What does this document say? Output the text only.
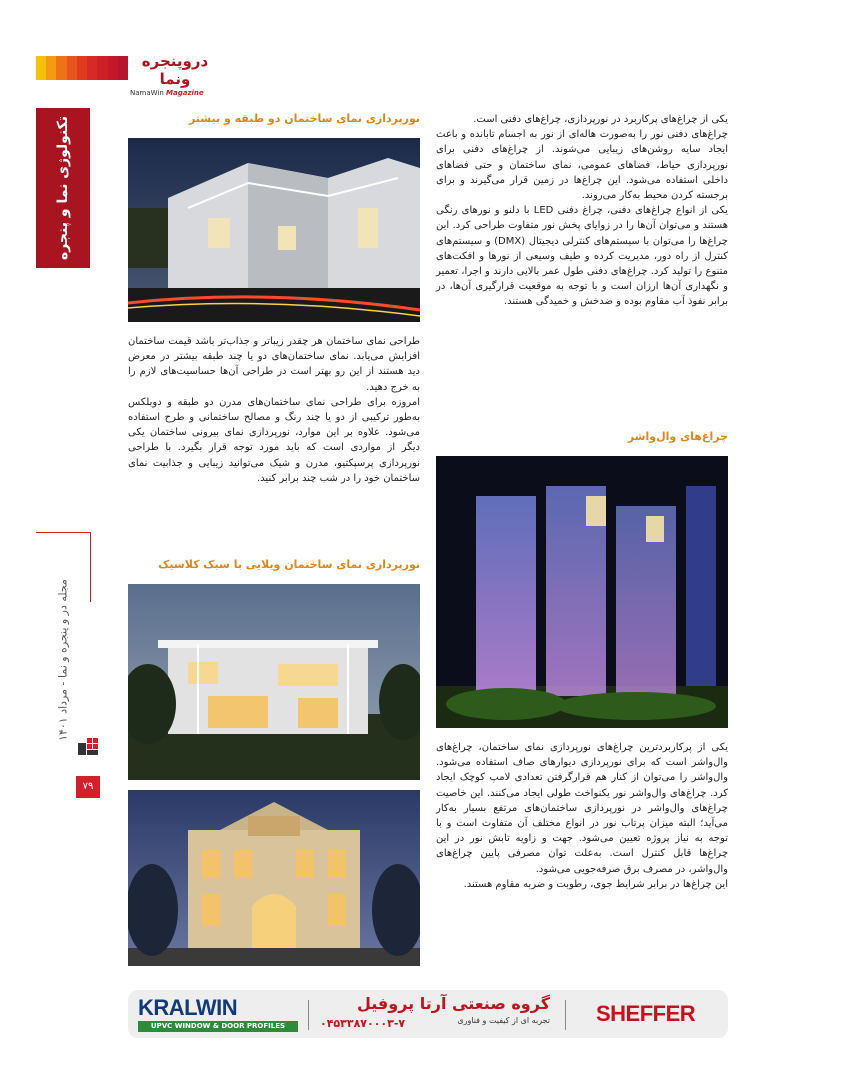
دروپنجره ونما
NamaWin Magazine
تکنولوژی نما و پنجره
مجله در و پنجره و نما - مرداد ۱۴۰۱
۷۹
نورپردازی نمای ساختمان دو طبقه و بیشتر

طراحی نمای ساختمان هر چقدر زیباتر و جذاب‌تر باشد قیمت ساختمان افزایش می‌یابد. نمای ساختمان‌های دو یا چند طبقه بیشتر در معرض دید هستند از این رو بهتر است در طراحی آن‌ها حساسیت‌های لازم را به خرج دهید.

امروزه برای طراحی نمای ساختمان‌های مدرن دو طبقه و دوبلکس به‌طور ترکیبی از دو یا چند رنگ و مصالح ساختمانی و طرح استفاده می‌شود. علاوه بر این موارد، نورپردازی نمای بیرونی ساختمان یکی دیگر از مواردی است که باید مورد توجه قرار بگیرد. با طراحی نورپردازی پرسپکتیو، مدرن و شیک می‌توانید زیبایی و جذابیت نمای ساختمان خود را در شب چند برابر کنید.

نورپردازی نمای ساختمان ویلایی با سبک کلاسیک

یکی از چراغ‌های پرکاربرد در نورپردازی، چراغ‌های دفنی است.

چراغ‌های دفنی نور را به‌صورت هاله‌ای از نور به اجسام تابانده و باعث ایجاد سایه روشن‌های زیبایی می‌شوند. از چراغ‌های دفنی برای نورپردازی حیاط، فضاهای عمومی، نمای ساختمان و حتی فضاهای داخلی استفاده می‌شود. این چراغ‌ها در زمین قرار می‌گیرند و برای برجسته کردن محیط به‌کار می‌روند.

یکی از انواع چراغ‌های دفنی، چراغ دفنی LED با دلنو و نورهای رنگی هستند و می‌توان آن‌ها را در زوایای پخش نور متفاوت طراحی کرد. این چراغ‌ها را می‌توان با سیستم‌های کنترلی دیجیتال (DMX) و سیستم‌های کنترل از راه دور، مدیریت کرده و طیف وسیعی از نورها و افکت‌های متنوع را تولید کرد. چراغ‌های دفنی طول عمر بالایی دارند و اجرا، تعمیر و نگهداری آن‌ها ارزان است و با توجه به موقعیت قرارگیری آن‌ها، در برابر نفوذ آب مقاوم بوده و ضدخش و خمیدگی هستند.

چراغ‌های وال‌واشر

یکی از پرکاربردترین چراغ‌های نورپردازی نمای ساختمان، چراغ‌های وال‌واشر است که برای نورپردازی دیوارهای صاف استفاده می‌شود. وال‌واشر را می‌توان از کنار هم قرارگرفتن تعدادی لامپ کوچک ایجاد کرد. چراغ‌های وال‌واشر نور یکنواخت طولی ایجاد می‌کنند. این خاصیت چراغ‌های وال‌واشر در نورپردازی ساختمان‌های مرتفع بسیار به‌کار می‌آید؛ البته میزان پرتاب نور در انواع مختلف آن متفاوت است و با توجه به نیاز پروژه تعیین می‌شود. جهت و زاویه تابش نور در این چراغ‌ها قابل کنترل است. به‌علت توان مصرفی پایین چراغ‌های وال‌واشر، در مصرف برق صرفه‌جویی می‌شود.

این چراغ‌ها در برابر شرایط جوی، رطوبت و ضربه مقاوم هستند.

KRALWIN
UPVC WINDOW & DOOR PROFILES
گروه صنعتی آرتا پروفیل
تجربه ای از کیفیت و فناوری
۰۴۵۳۳۸۷۰۰۰۳-۷	SHEFFER
